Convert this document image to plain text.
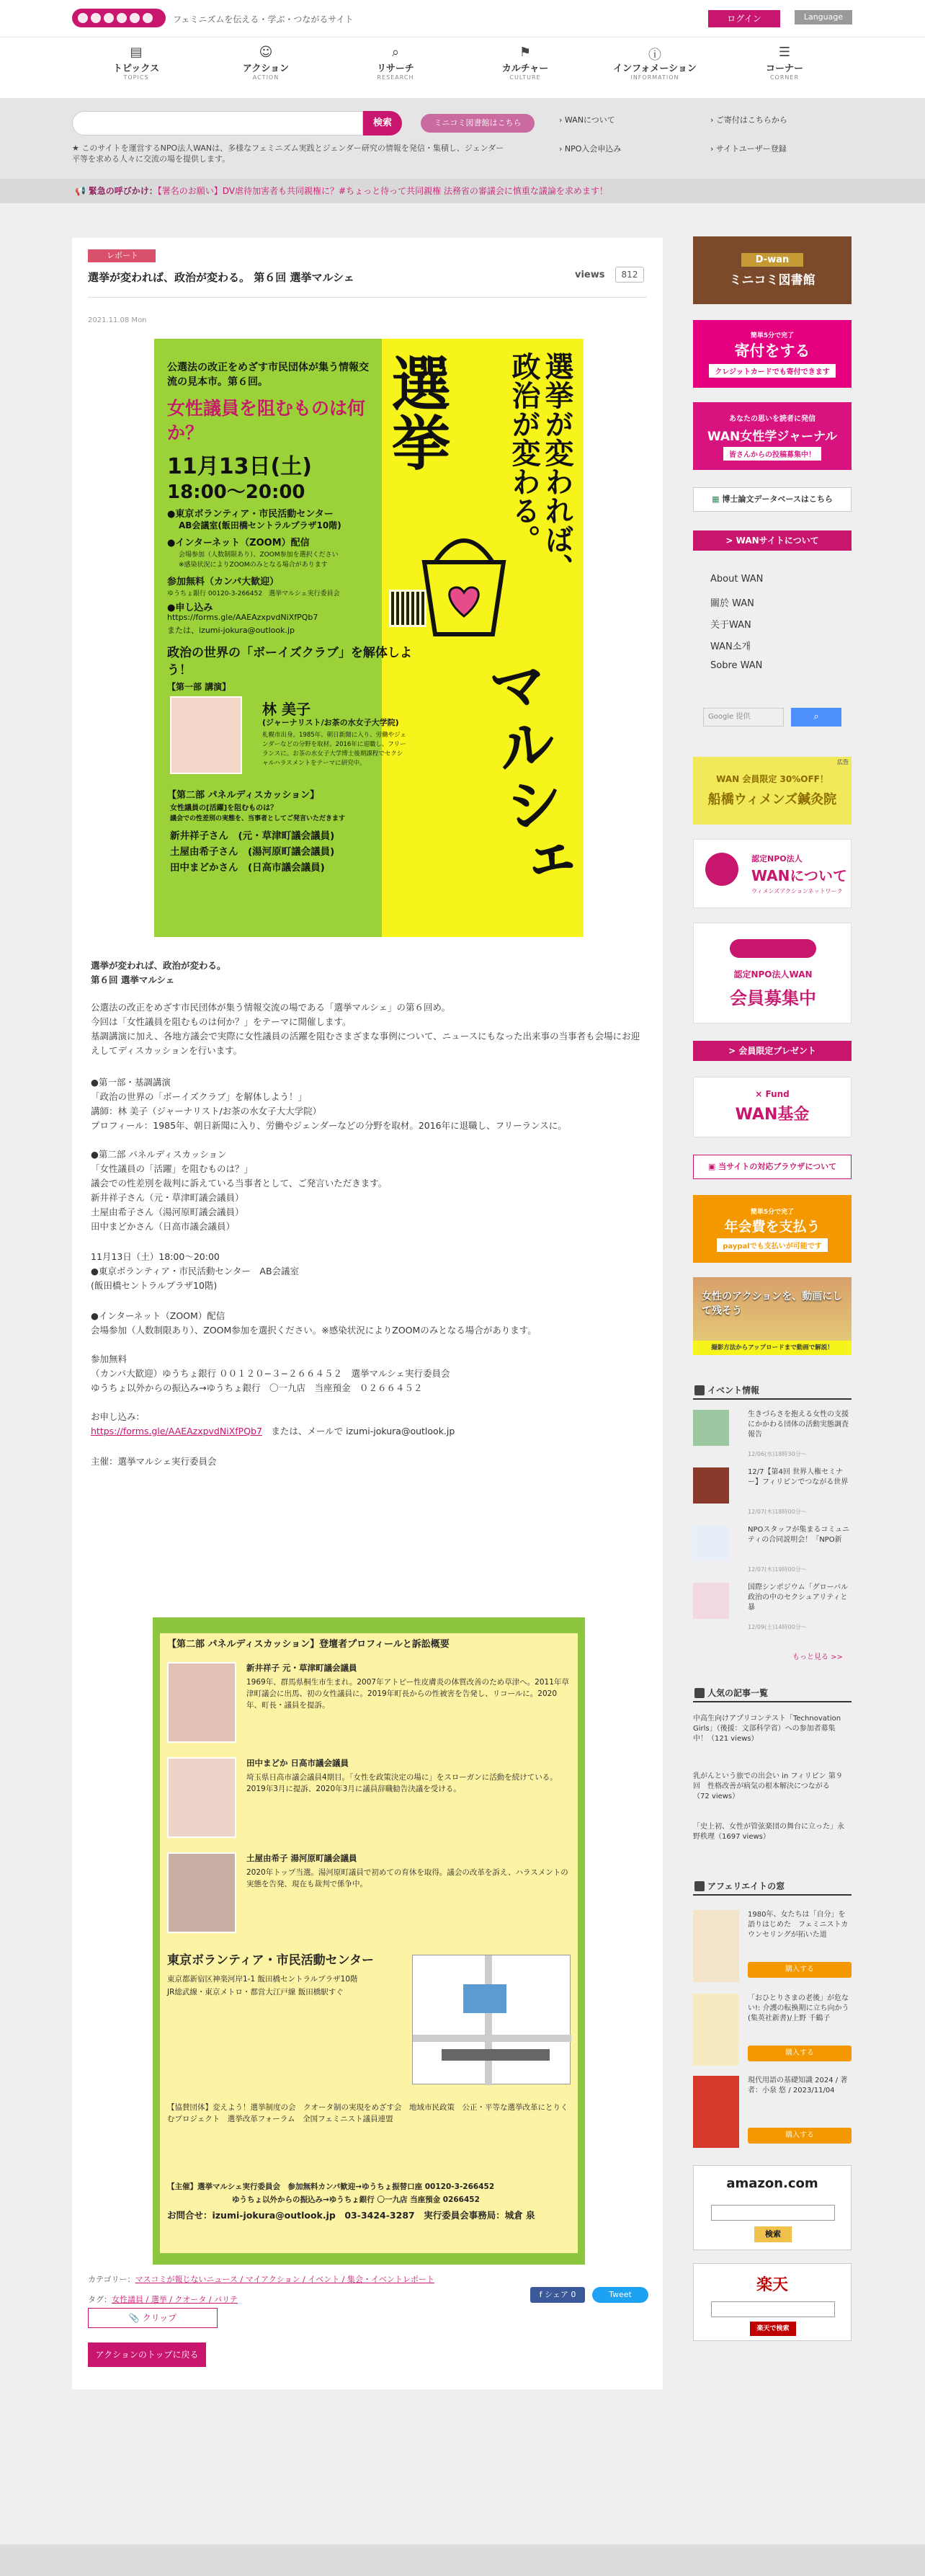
フェミニズムを伝える・学ぶ・つながるサイト	ログイン	Language
▤
トピックス
TOPICS
☺
アクション
ACTION
⌕
リサーチ
RESEARCH
⚑
カルチャー
CULTURE
ⓘ
インフォメーション
INFORMATION
☰
コーナー
CORNER
検索	ミニコミ図書館はこちら
★ このサイトを運営するNPO法人WANは、多様なフェミニズム実践とジェンダー研究の情報を発信・集積し、ジェンダー平等を求める人々に交流の場を提供します。
› WANについて	› ご寄付はこちらから
› NPO入会申込み	› サイトユーザー登録
📢 緊急の呼びかけ：【署名のお願い】DV虐待加害者も共同親権に？#ちょっと待って共同親権 法務省の審議会に慎重な議論を求めます！
レポート
選挙が変われば、政治が変わる。 第６回 選挙マルシェ	views	812
2021.11.08 Mon
公選法の改正をめざす市民団体が集う情報交流の見本市。第６回。
女性議員を阻むものは何か？
11月13日(土)
18:00〜20:00
●東京ボランティア・市民活動センター
AB会議室(飯田橋セントラルプラザ10階)
●インターネット（ZOOM）配信
会場参加（人数制限あり）、ZOOM参加を選択ください
※感染状況によりZOOMのみとなる場合があります
参加無料（カンパ大歓迎）
ゆうちょ銀行 00120-3-266452　選挙マルシェ実行委員会
●申し込み
https://forms.gle/AAEAzxpvdNiXfPQb7
または、izumi-jokura@outlook.jp
政治の世界の「ボーイズクラブ」を解体しよう！
【第一部 講演】
林 美子
(ジャーナリスト/お茶の水女子大学院)
札幌市出身。1985年、朝日新聞に入り、労働やジェンダーなどの分野を取材。2016年に退職し、フリーランスに。お茶の水女子大学博士後期課程でセクシャルハラスメントをテーマに研究中。
【第二部 パネルディスカッション】
女性議員の[活躍]を阻むものは？
議会での性差別の実態を、当事者としてご発言いただきます
新井祥子さん　(元・草津町議会議員)
土屋由希子さん　(湯河原町議会議員)
田中まどかさん　(日高市議会議員)
選挙が変われば、
政治が変わる。
選挙
マルシェ
選挙が変われば、政治が変わる。
第６回 選挙マルシェ
公選法の改正をめざす市民団体が集う情報交流の場である「選挙マルシェ」の第６回め。
今回は「女性議員を阻むものは何か？」をテーマに開催します。
基調講演に加え、各地方議会で実際に女性議員の活躍を阻むさまざまな事例について、ニュースにもなった出来事の当事者も会場にお迎えしてディスカッションを行います。
●第一部・基調講演
「政治の世界の「ボーイズクラブ」を解体しよう！」
講師：林 美子（ジャーナリスト/お茶の水女子大大学院）
プロフィール：1985年、朝日新聞に入り、労働やジェンダーなどの分野を取材。2016年に退職し、フリーランスに。
●第二部 パネルディスカッション
「女性議員の「活躍」を阻むものは？」
議会での性差別を裁判に訴えている当事者として、ご発言いただきます。
新井祥子さん（元・草津町議会議員）
土屋由希子さん（湯河原町議会議員）
田中まどかさん（日高市議会議員）
11月13日（土）18:00〜20:00
●東京ボランティア・市民活動センター　AB会議室
(飯田橋セントラルプラザ10階)
●インターネット（ZOOM）配信
会場参加（人数制限あり）、ZOOM参加を選択ください。※感染状況によりZOOMのみとなる場合があります。
参加無料
（カンパ大歓迎）ゆうちょ銀行 ００１２０−３−２６６４５２　選挙マルシェ実行委員会
ゆうちょ以外からの振込み→ゆうちょ銀行　〇一九店　当座預金　０２６６４５２
お申し込み：
https://forms.gle/AAEAzxpvdNiXfPQb7　または、メールで izumi-jokura@outlook.jp
主催：選挙マルシェ実行委員会
【第二部 パネルディスカッション】登壇者プロフィールと訴訟概要
新井祥子 元・草津町議会議員
1969年、群馬県桐生市生まれ。2007年アトピー性皮膚炎の体質改善のため草津へ。2011年草津町議会に出馬、初の女性議員に。2019年町長からの性被害を告発し、リコールに。2020年、町長・議員を提訴。
田中まどか 日高市議会議員
埼玉県日高市議会議員4期目。「女性を政策決定の場に」をスローガンに活動を続けている。2019年3月に提訴、2020年3月に議員辞職勧告決議を受ける。
土屋由希子 湯河原町議会議員
2020年トップ当選。湯河原町議員で初めての育休を取得。議会の改革を訴え、ハラスメントの実態を告発、現在も裁判で係争中。
東京ボランティア・市民活動センター
東京都新宿区神楽河岸1-1 飯田橋セントラルプラザ10階
JR総武線・東京メトロ・都営大江戸線 飯田橋駅すぐ
【協賛団体】変えよう！選挙制度の会　クオータ制の実現をめざす会　地域市民政策　公正・平等な選挙改革にとりくむプロジェクト　選挙改革フォーラム　全国フェミニスト議員連盟
【主催】選挙マルシェ実行委員会　参加無料カンパ歓迎→ゆうちょ振替口座 00120-3-266452
ゆうちょ以外からの振込み→ゆうちょ銀行 〇一九店 当座預金 0266452
お問合せ：izumi-jokura@outlook.jp　03-3424-3287　実行委員会事務局：城倉 泉
カテゴリー：マスコミが報じないニュース / マイアクション / イベント / 集会・イベントレポート
タグ：女性議員 / 選挙 / クオータ / パリテ
📎 クリップ
f シェア 0	Tweet
アクションのトップに戻る
D-wan
ミニコミ図書館
簡単5分で完了
寄付をする
クレジットカードでも寄付できます
あなたの思いを読者に発信
WAN女性学ジャーナル
皆さんからの投稿募集中！
▦ 博士論文データベースはこちら
> WANサイトについて
About WAN
關於 WAN
关于WAN
WAN소개
Sobre WAN
Google 提供	⌕
広告
WAN 会員限定 30%OFF！
船橋ウィメンズ鍼灸院
認定NPO法人
WANについて
ウィメンズアクションネットワーク
認定NPO法人WAN
会員募集中
> 会員限定プレゼント
× Fund
WAN基金
▣ 当サイトの対応ブラウザについて
簡単5分で完了
年会費を支払う
paypalでも支払いが可能です
女性のアクションを、動画にして残そう
撮影方法からアップロードまで動画で解説！
イベント情報
生きづらさを抱える女性の支援にかかわる団体の活動実態調査報告
12/06(水)18時30分〜
12/7【第4回 世界人権セミナー】フィリピンでつながる世界
12/07(木)18時00分〜
NPOスタッフが集まるコミュニティの合同説明会！「NPO新
12/07(木)19時00分〜
国際シンポジウム「グローバル政治の中のセクシュアリティと暴
12/09(土)14時00分〜
もっと見る >>
人気の記事一覧
中高生向けアプリコンテスト「Technovation Girls」（後援：文部科学省）への参加者募集中！（121 views）
乳がんという旅での出会い in フィリピン 第９回　性格改善が病気の根本解決につながる（72 views）
「史上初、女性が管弦楽団の舞台に立った」永野秩理（1697 views）
アフェリエイトの窓
1980年、女たちは「自分」を語りはじめた　フェミニストカウンセリングが拓いた道
購入する
「おひとりさまの老後」が危ない!: 介護の転換期に立ち向かう (集英社新書)/上野 千鶴子
購入する
現代用語の基礎知識 2024 / 著者：小泉 悠 / 2023/11/04
購入する
amazon.com
検索
楽天
楽天で検索
